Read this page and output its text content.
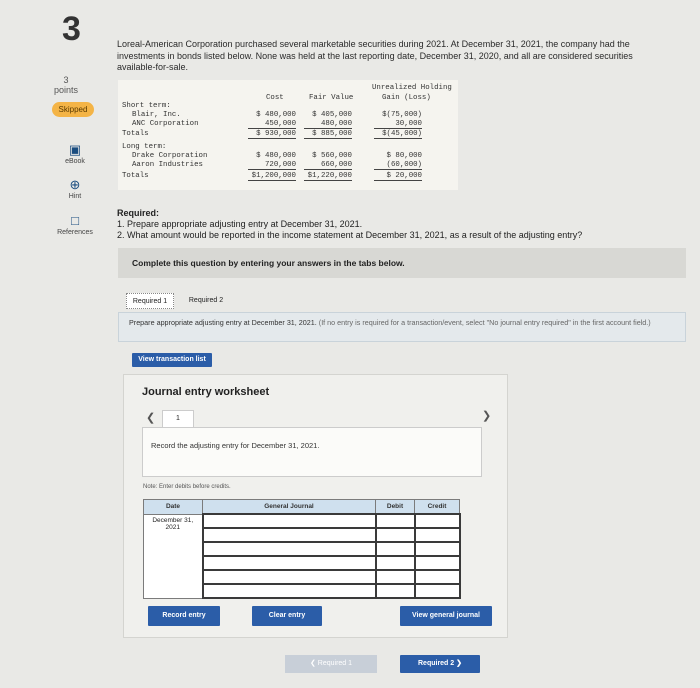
3
3
points
Skipped
▣
eBook
⊕
Hint
□
References
Loreal-American Corporation purchased several marketable securities during 2021. At December 31, 2021, the company had the investments in bonds listed below. None was held at the last reporting date, December 31, 2020, and all are considered securities available-for-sale.
Cost	Fair Value
Unrealized Holding
Gain (Loss)
Short term:
Blair, Inc.	$ 480,000	$ 405,000	$(75,000)
ANC Corporation	450,000	480,000	30,000
Totals	$ 930,000	$ 885,000	$(45,000)
Long term:
Drake Corporation	$ 480,000	$ 560,000	$ 80,000
Aaron Industries	720,000	660,000	(60,000)
Totals	$1,200,000	$1,220,000	$ 20,000
Required:
1. Prepare appropriate adjusting entry at December 31, 2021.
2. What amount would be reported in the income statement at December 31, 2021, as a result of the adjusting entry?
Complete this question by entering your answers in the tabs below.
Required 1	Required 2
Prepare appropriate adjusting entry at December 31, 2021. (If no entry is required for a transaction/event, select "No journal entry required" in the first account field.)
View transaction list
Journal entry worksheet
❮	1	❯
Record the adjusting entry for December 31, 2021.
Note: Enter debits before credits.
Date	General Journal	Debit	Credit

December 31,
2021			

Record entry	Clear entry	View general journal
❮ Required 1	Required 2 ❯
